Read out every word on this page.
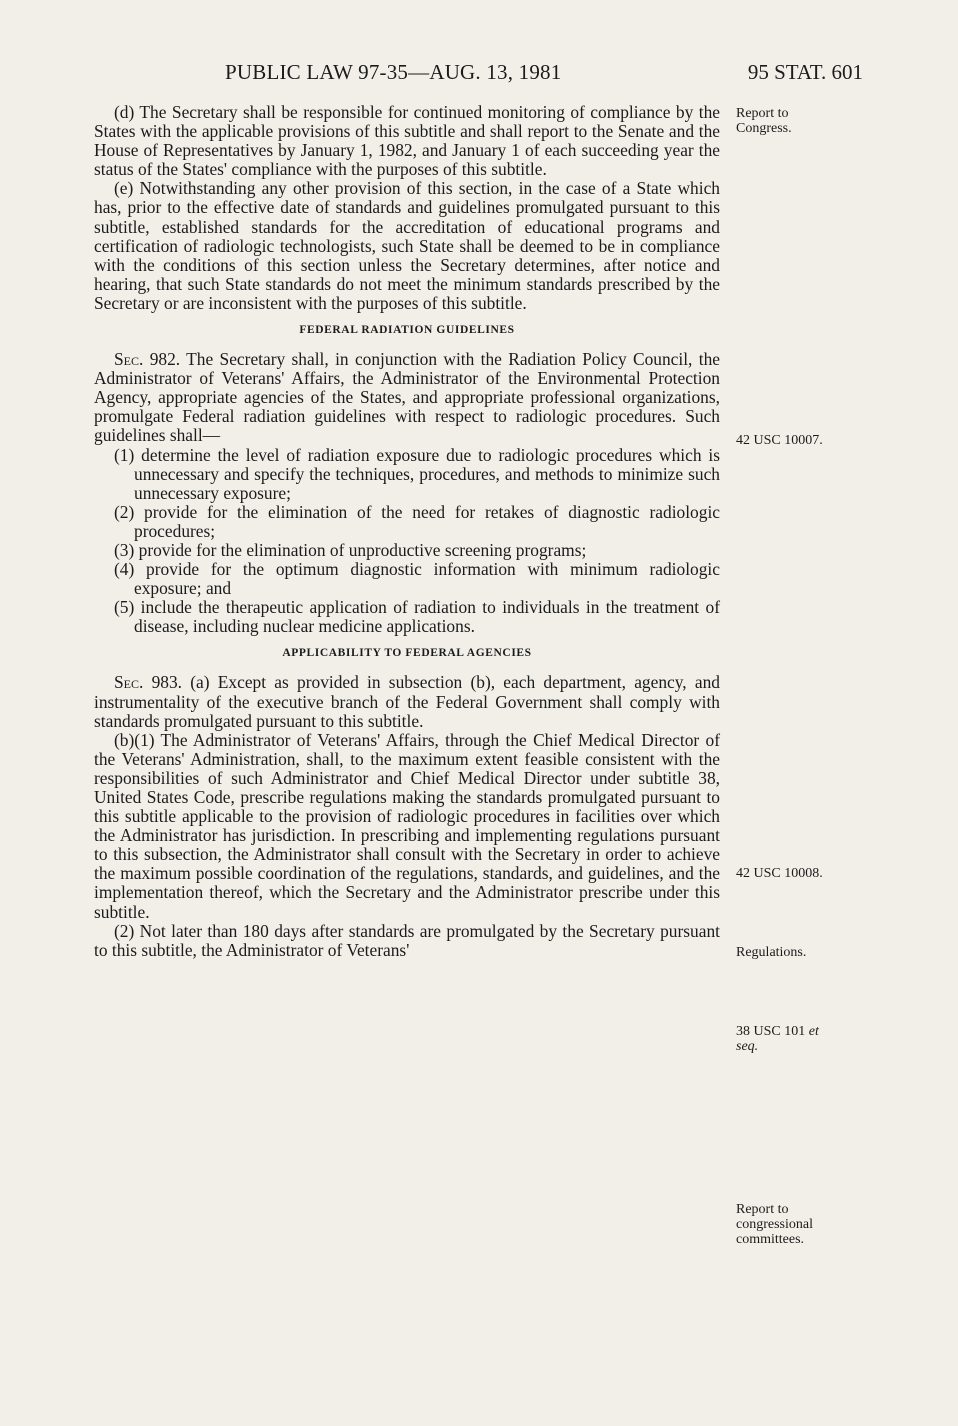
PUBLIC LAW 97-35—AUG. 13, 1981	95 STAT. 601

(d) The Secretary shall be responsible for continued monitoring of compliance by the States with the applicable provisions of this subtitle and shall report to the Senate and the House of Representatives by January 1, 1982, and January 1 of each succeeding year the status of the States' compliance with the purposes of this subtitle.

(e) Notwithstanding any other provision of this section, in the case of a State which has, prior to the effective date of standards and guidelines promulgated pursuant to this subtitle, established standards for the accreditation of educational programs and certification of radiologic technologists, such State shall be deemed to be in compliance with the conditions of this section unless the Secretary determines, after notice and hearing, that such State standards do not meet the minimum standards prescribed by the Secretary or are inconsistent with the purposes of this subtitle.

FEDERAL RADIATION GUIDELINES

Sec. 982. The Secretary shall, in conjunction with the Radiation Policy Council, the Administrator of Veterans' Affairs, the Administrator of the Environmental Protection Agency, appropriate agencies of the States, and appropriate professional organizations, promulgate Federal radiation guidelines with respect to radiologic procedures. Such guidelines shall—

(1) determine the level of radiation exposure due to radiologic procedures which is unnecessary and specify the techniques, procedures, and methods to minimize such unnecessary exposure;

(2) provide for the elimination of the need for retakes of diagnostic radiologic procedures;

(3) provide for the elimination of unproductive screening programs;

(4) provide for the optimum diagnostic information with minimum radiologic exposure; and

(5) include the therapeutic application of radiation to individuals in the treatment of disease, including nuclear medicine applications.

APPLICABILITY TO FEDERAL AGENCIES

Sec. 983. (a) Except as provided in subsection (b), each department, agency, and instrumentality of the executive branch of the Federal Government shall comply with standards promulgated pursuant to this subtitle.

(b)(1) The Administrator of Veterans' Affairs, through the Chief Medical Director of the Veterans' Administration, shall, to the maximum extent feasible consistent with the responsibilities of such Administrator and Chief Medical Director under subtitle 38, United States Code, prescribe regulations making the standards promulgated pursuant to this subtitle applicable to the provision of radiologic procedures in facilities over which the Administrator has jurisdiction. In prescribing and implementing regulations pursuant to this subsection, the Administrator shall consult with the Secretary in order to achieve the maximum possible coordination of the regulations, standards, and guidelines, and the implementation thereof, which the Secretary and the Administrator prescribe under this subtitle.

(2) Not later than 180 days after standards are promulgated by the Secretary pursuant to this subtitle, the Administrator of Veterans'

Report to
Congress.
42 USC 10007.
42 USC 10008.
Regulations.
38 USC 101 et
seq.
Report to
congressional
committees.
